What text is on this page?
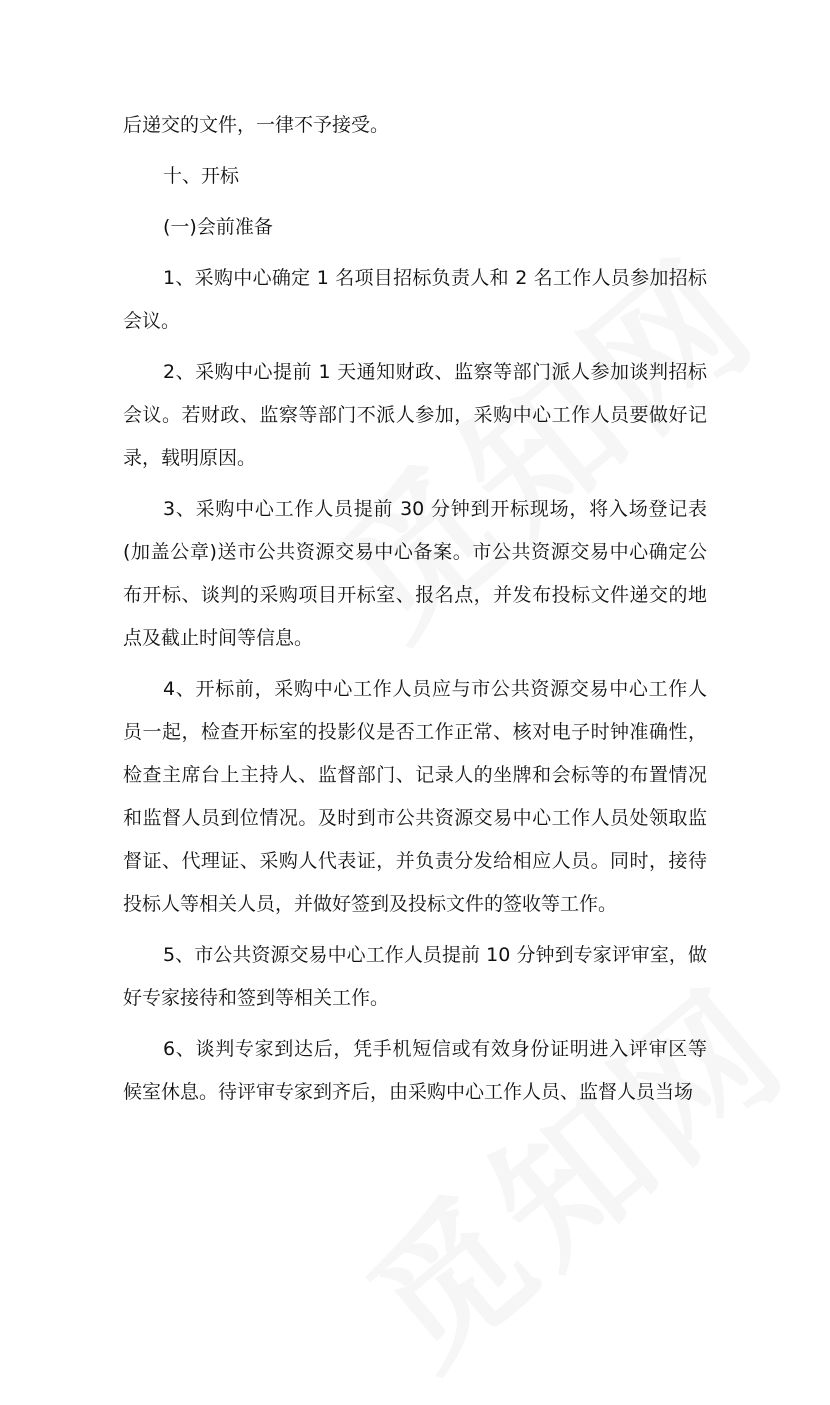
后递交的文件，一律不予接受。

十、开标

(一)会前准备

1、采购中心确定 1 名项目招标负责人和 2 名工作人员参加招标会议。

2、采购中心提前 1 天通知财政、监察等部门派人参加谈判招标会议。若财政、监察等部门不派人参加，采购中心工作人员要做好记录，载明原因。

3、采购中心工作人员提前 30 分钟到开标现场，将入场登记表(加盖公章)送市公共资源交易中心备案。市公共资源交易中心确定公布开标、谈判的采购项目开标室、报名点，并发布投标文件递交的地点及截止时间等信息。

4、开标前，采购中心工作人员应与市公共资源交易中心工作人员一起，检查开标室的投影仪是否工作正常、核对电子时钟准确性，检查主席台上主持人、监督部门、记录人的坐牌和会标等的布置情况和监督人员到位情况。及时到市公共资源交易中心工作人员处领取监督证、代理证、采购人代表证，并负责分发给相应人员。同时，接待投标人等相关人员，并做好签到及投标文件的签收等工作。

5、市公共资源交易中心工作人员提前 10 分钟到专家评审室，做好专家接待和签到等相关工作。

6、谈判专家到达后，凭手机短信或有效身份证明进入评审区等候室休息。待评审专家到齐后，由采购中心工作人员、监督人员当场
